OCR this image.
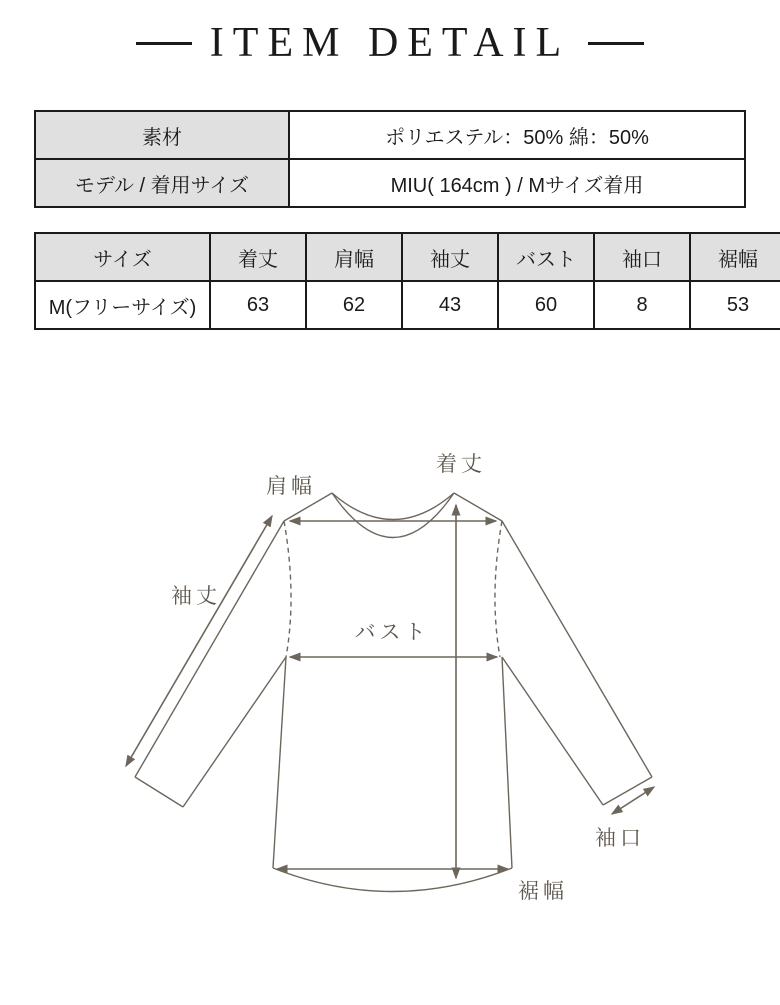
ITEM DETAIL
素材	ポリエステル：50% 綿：50%
モデル / 着用サイズ	MIU( 164cm ) / Mサイズ着用
サイズ	着丈	肩幅	袖丈	バスト	袖口	裾幅
M(フリーサイズ)	63	62	43	60	8	53
着丈
肩幅
袖丈
バスト
袖口
裾幅
